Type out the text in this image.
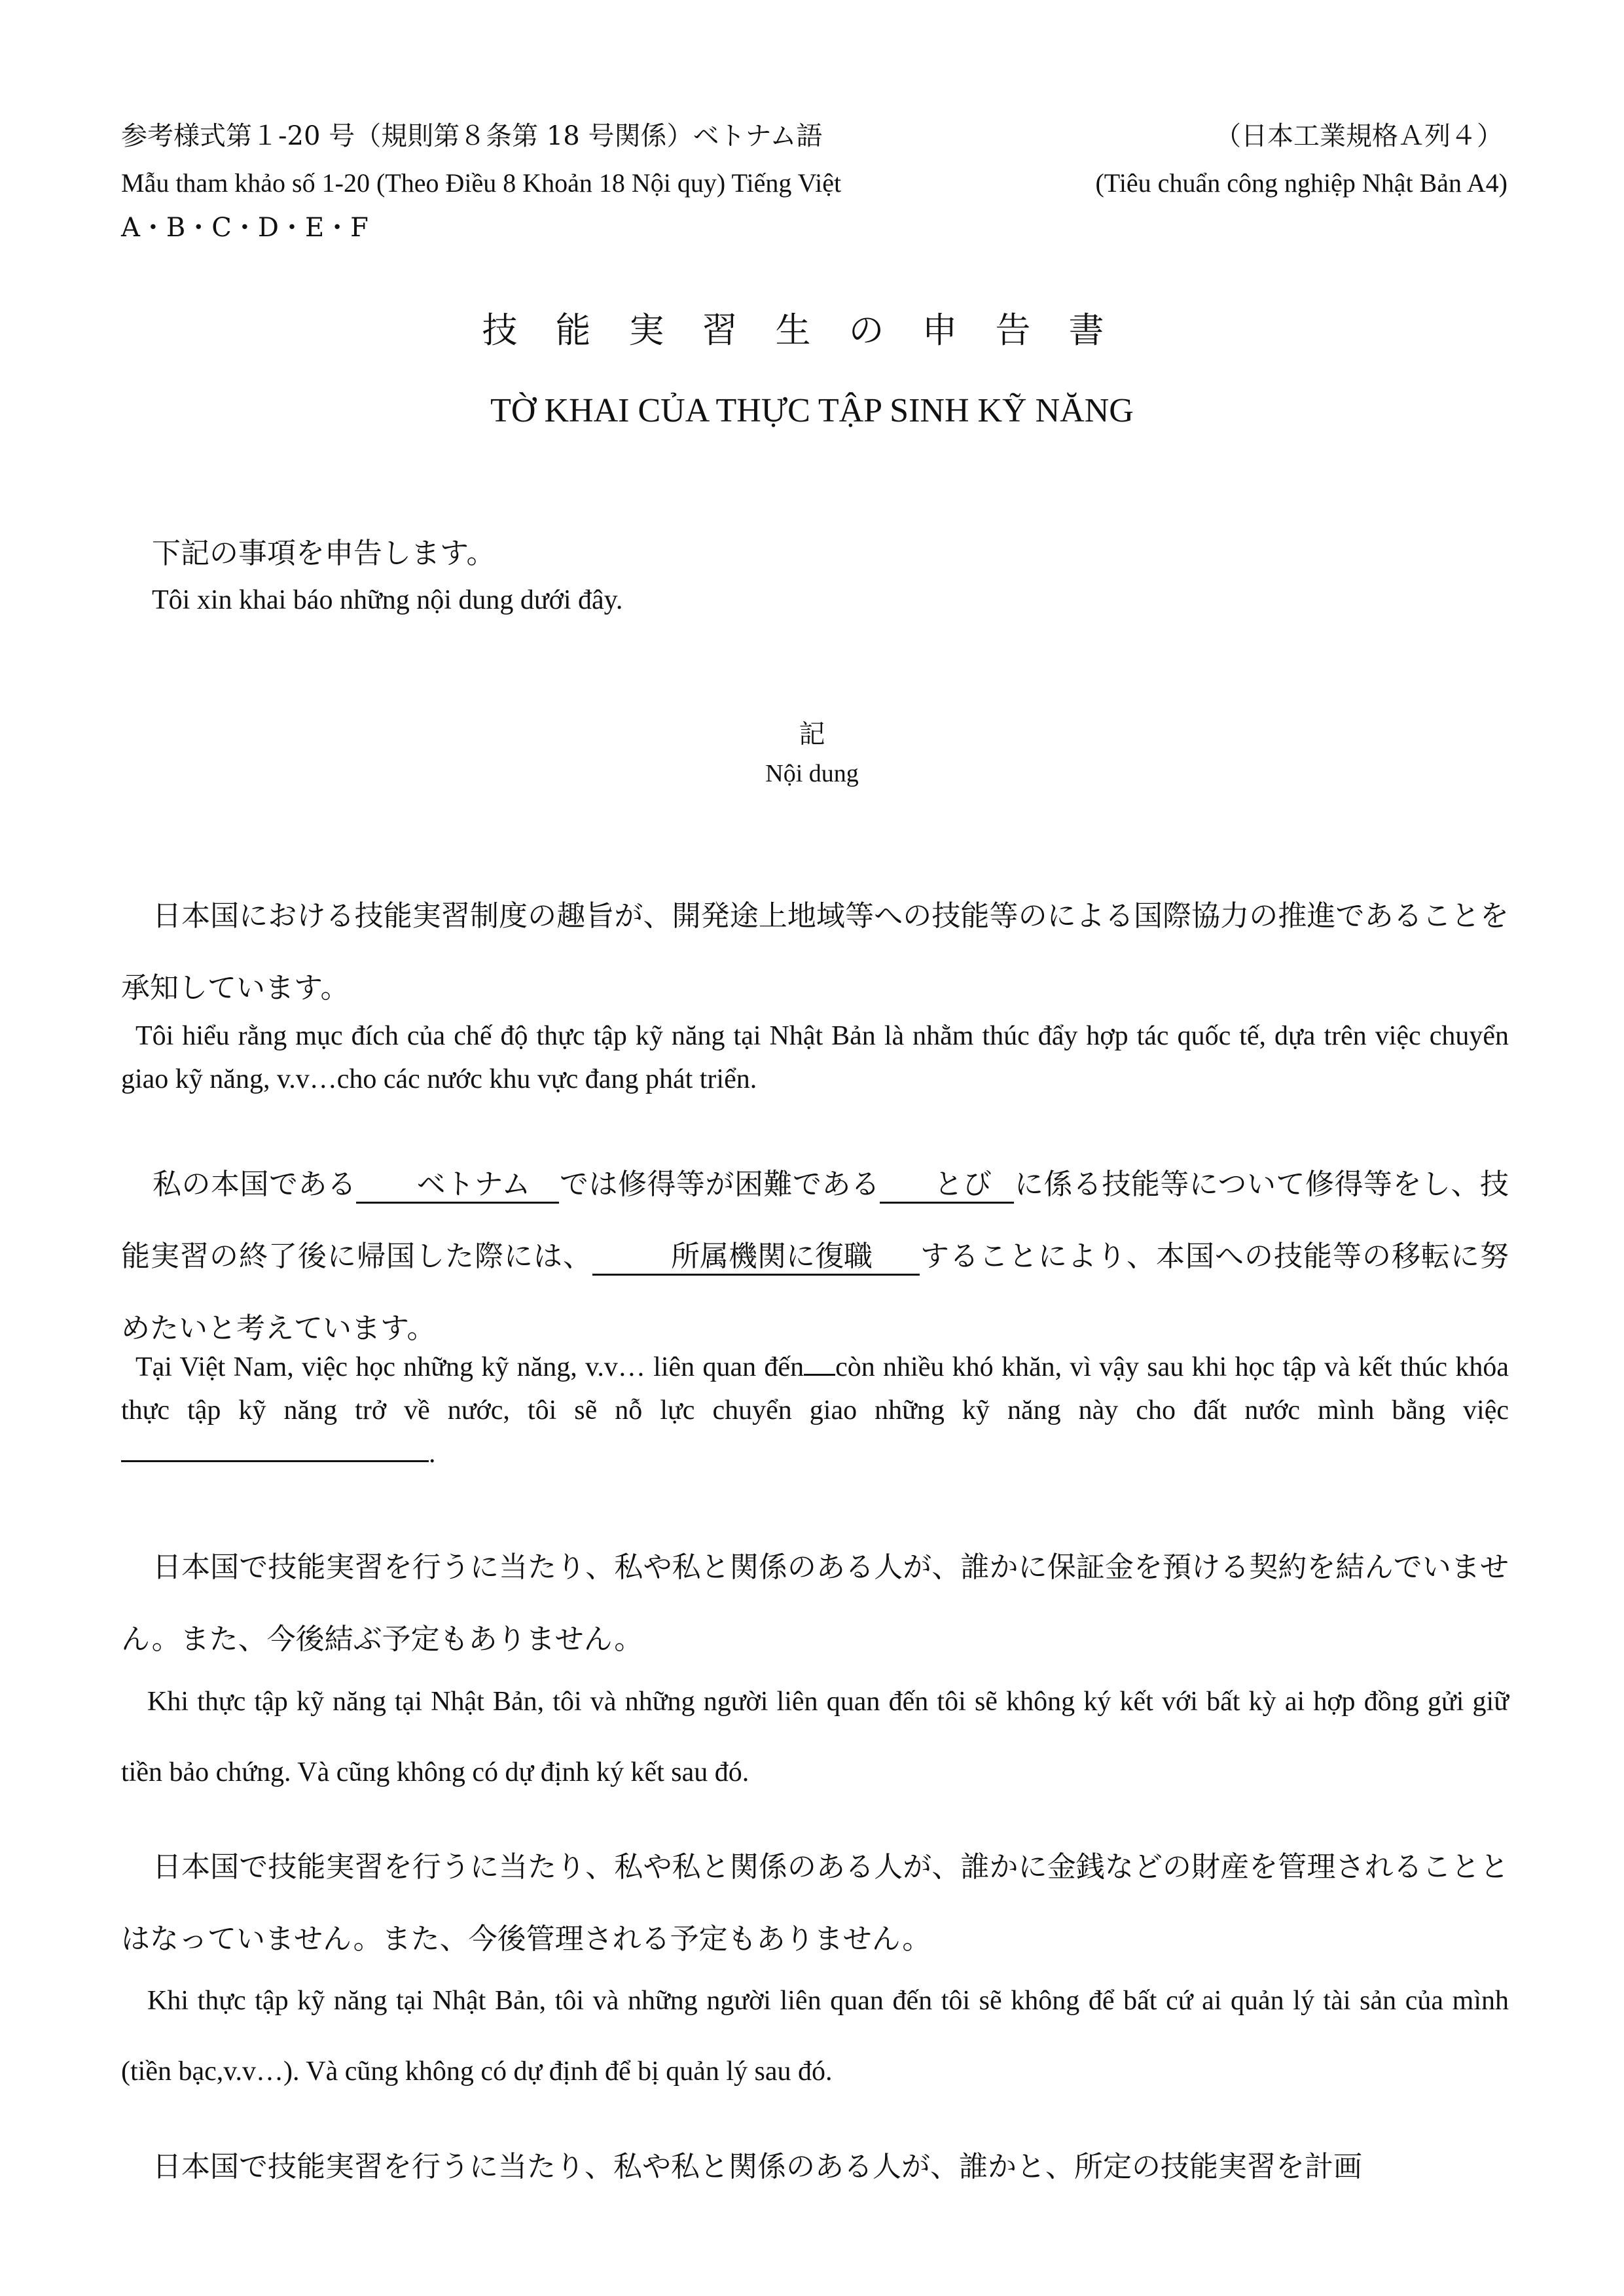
参考様式第１-20 号（規則第８条第 18 号関係）ベトナム語	（日本工業規格Ａ列４）
Mẫu tham khảo số 1-20 (Theo Điều 8 Khoản 18 Nội quy) Tiếng Việt	(Tiêu chuẩn công nghiệp Nhật Bản A4)
A・B・C・D・E・F
技能実習生の申告書
TỜ KHAI CỦA THỰC TẬP SINH KỸ NĂNG
下記の事項を申告します。
Tôi xin khai báo những nội dung dưới đây.
記
Nội dung
日本国における技能実習制度の趣旨が、開発途上地域等への技能等のによる国際協力の推進であることを承知しています。
Tôi hiểu rằng mục đích của chế độ thực tập kỹ năng tại Nhật Bản là nhằm thúc đẩy hợp tác quốc tế, dựa trên việc chuyển giao kỹ năng, v.v…cho các nước khu vực đang phát triển.
私の本国である ベトナム では修得等が困難である とび に係る技能等について修得等をし、技能実習の終了後に帰国した際には、	所属機関に復職 することにより、本国への技能等の移転に努めたいと考えています。
Tại Việt Nam, việc học những kỹ năng, v.v… liên quan đến còn nhiều khó khăn, vì vậy sau khi học tập và kết thúc khóa thực tập kỹ năng trở về nước, tôi sẽ nỗ lực chuyển giao những kỹ năng này cho đất nước mình bằng việc .
日本国で技能実習を行うに当たり、私や私と関係のある人が、誰かに保証金を預ける契約を結んでいません。また、今後結ぶ予定もありません。
Khi thực tập kỹ năng tại Nhật Bản, tôi và những người liên quan đến tôi sẽ không ký kết với bất kỳ ai hợp đồng gửi giữ tiền bảo chứng. Và cũng không có dự định ký kết sau đó.
日本国で技能実習を行うに当たり、私や私と関係のある人が、誰かに金銭などの財産を管理されることとはなっていません。また、今後管理される予定もありません。
Khi thực tập kỹ năng tại Nhật Bản, tôi và những người liên quan đến tôi sẽ không để bất cứ ai quản lý tài sản của mình (tiền bạc,v.v…). Và cũng không có dự định để bị quản lý sau đó.
日本国で技能実習を行うに当たり、私や私と関係のある人が、誰かと、所定の技能実習を計画
